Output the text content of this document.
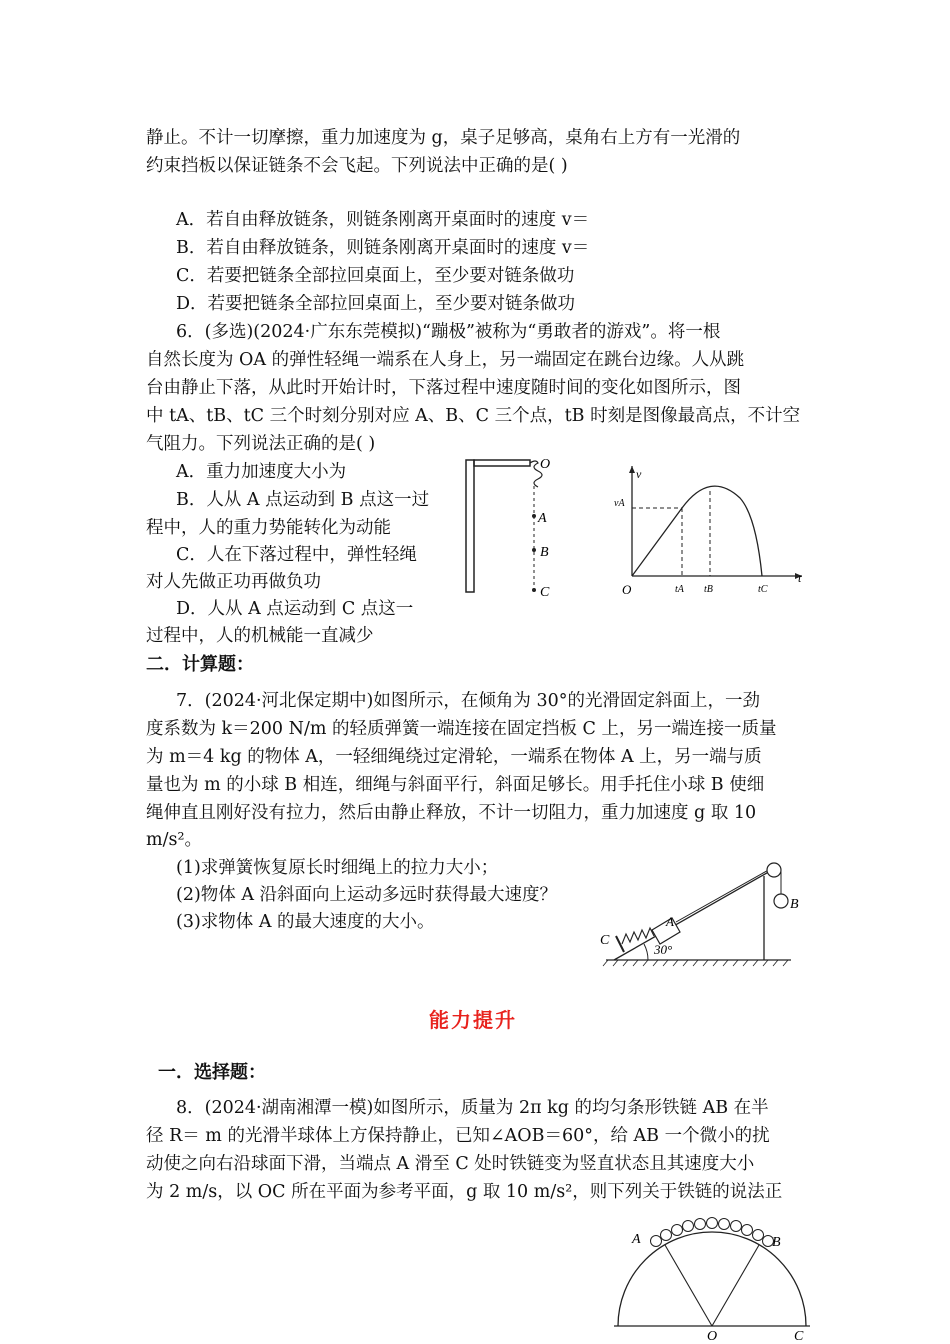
静止。不计一切摩擦，重力加速度为 g，桌子足够高，桌角右上方有一光滑的
约束挡板以保证链条不会飞起。下列说法中正确的是( )
A．若自由释放链条，则链条刚离开桌面时的速度 v＝
B．若自由释放链条，则链条刚离开桌面时的速度 v＝
C．若要把链条全部拉回桌面上，至少要对链条做功
D．若要把链条全部拉回桌面上，至少要对链条做功
6．(多选)(2024·广东东莞模拟)“蹦极”被称为“勇敢者的游戏”。将一根
自然长度为 OA 的弹性轻绳一端系在人身上，另一端固定在跳台边缘。人从跳
台由静止下落，从此时开始计时，下落过程中速度随时间的变化如图所示，图
中 tA、tB、tC 三个时刻分别对应 A、B、C 三个点，tB 时刻是图像最高点，不计空
气阻力。下列说法正确的是( )
A．重力加速度大小为
B．人从 A 点运动到 B 点这一过
程中，人的重力势能转化为动能
C．人在下落过程中，弹性轻绳
对人先做正功再做负功
D．人从 A 点运动到 C 点这一
过程中，人的机械能一直减少
O
A
B
C
v
t
O
vA
tA tB	tC
二．计算题：
7．(2024·河北保定期中)如图所示，在倾角为 30°的光滑固定斜面上，一劲
度系数为 k＝200 N/m 的轻质弹簧一端连接在固定挡板 C 上，另一端连接一质量
为 m＝4 kg 的物体 A，一轻细绳绕过定滑轮，一端系在物体 A 上，另一端与质
量也为 m 的小球 B 相连，细绳与斜面平行，斜面足够长。用手托住小球 B 使细
绳伸直且刚好没有拉力，然后由静止释放，不计一切阻力，重力加速度 g 取 10
m/s²。
(1)求弹簧恢复原长时细绳上的拉力大小；
(2)物体 A 沿斜面向上运动多远时获得最大速度？
(3)求物体 A 的最大速度的大小。	A
B
C
30°
能力提升
一．选择题：
8．(2024·湖南湘潭一模)如图所示，质量为 2π kg 的均匀条形铁链 AB 在半
径 R＝ m 的光滑半球体上方保持静止，已知∠AOB＝60°，给 AB 一个微小的扰
动使之向右沿球面下滑，当端点 A 滑至 C 处时铁链变为竖直状态且其速度大小
为 2 m/s，以 OC 所在平面为参考平面，g 取 10 m/s²，则下列关于铁链的说法正
A	B
O	C
